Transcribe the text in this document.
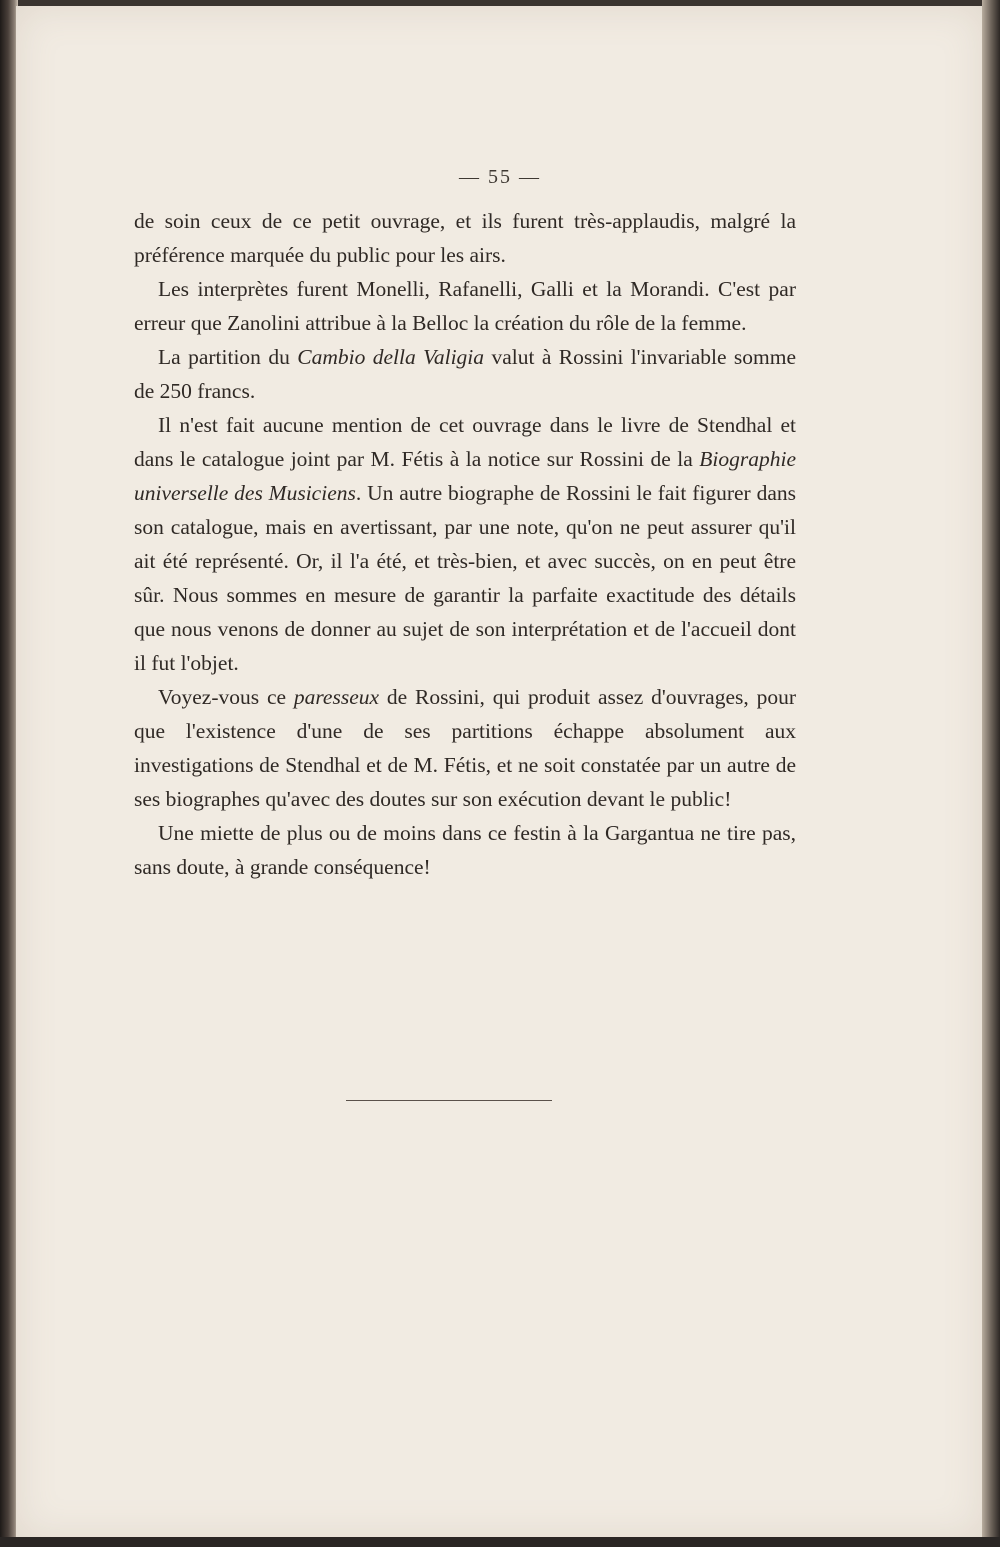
— 55 —

de soin ceux de ce petit ouvrage, et ils furent très-applaudis, malgré la préférence marquée du public pour les airs.

Les interprètes furent Monelli, Rafanelli, Galli et la Morandi. C'est par erreur que Zanolini attribue à la Belloc la création du rôle de la femme.

La partition du Cambio della Valigia valut à Rossini l'invariable somme de 250 francs.

Il n'est fait aucune mention de cet ouvrage dans le livre de Stendhal et dans le catalogue joint par M. Fétis à la notice sur Rossini de la Biographie universelle des Musiciens. Un autre biographe de Rossini le fait figurer dans son catalogue, mais en avertissant, par une note, qu'on ne peut assurer qu'il ait été représenté. Or, il l'a été, et très-bien, et avec succès, on en peut être sûr. Nous sommes en mesure de garantir la parfaite exactitude des détails que nous venons de donner au sujet de son interprétation et de l'accueil dont il fut l'objet.

Voyez-vous ce paresseux de Rossini, qui produit assez d'ouvrages, pour que l'existence d'une de ses partitions échappe absolument aux investigations de Stendhal et de M. Fétis, et ne soit constatée par un autre de ses biographes qu'avec des doutes sur son exécution devant le public!

Une miette de plus ou de moins dans ce festin à la Gargantua ne tire pas, sans doute, à grande conséquence!
